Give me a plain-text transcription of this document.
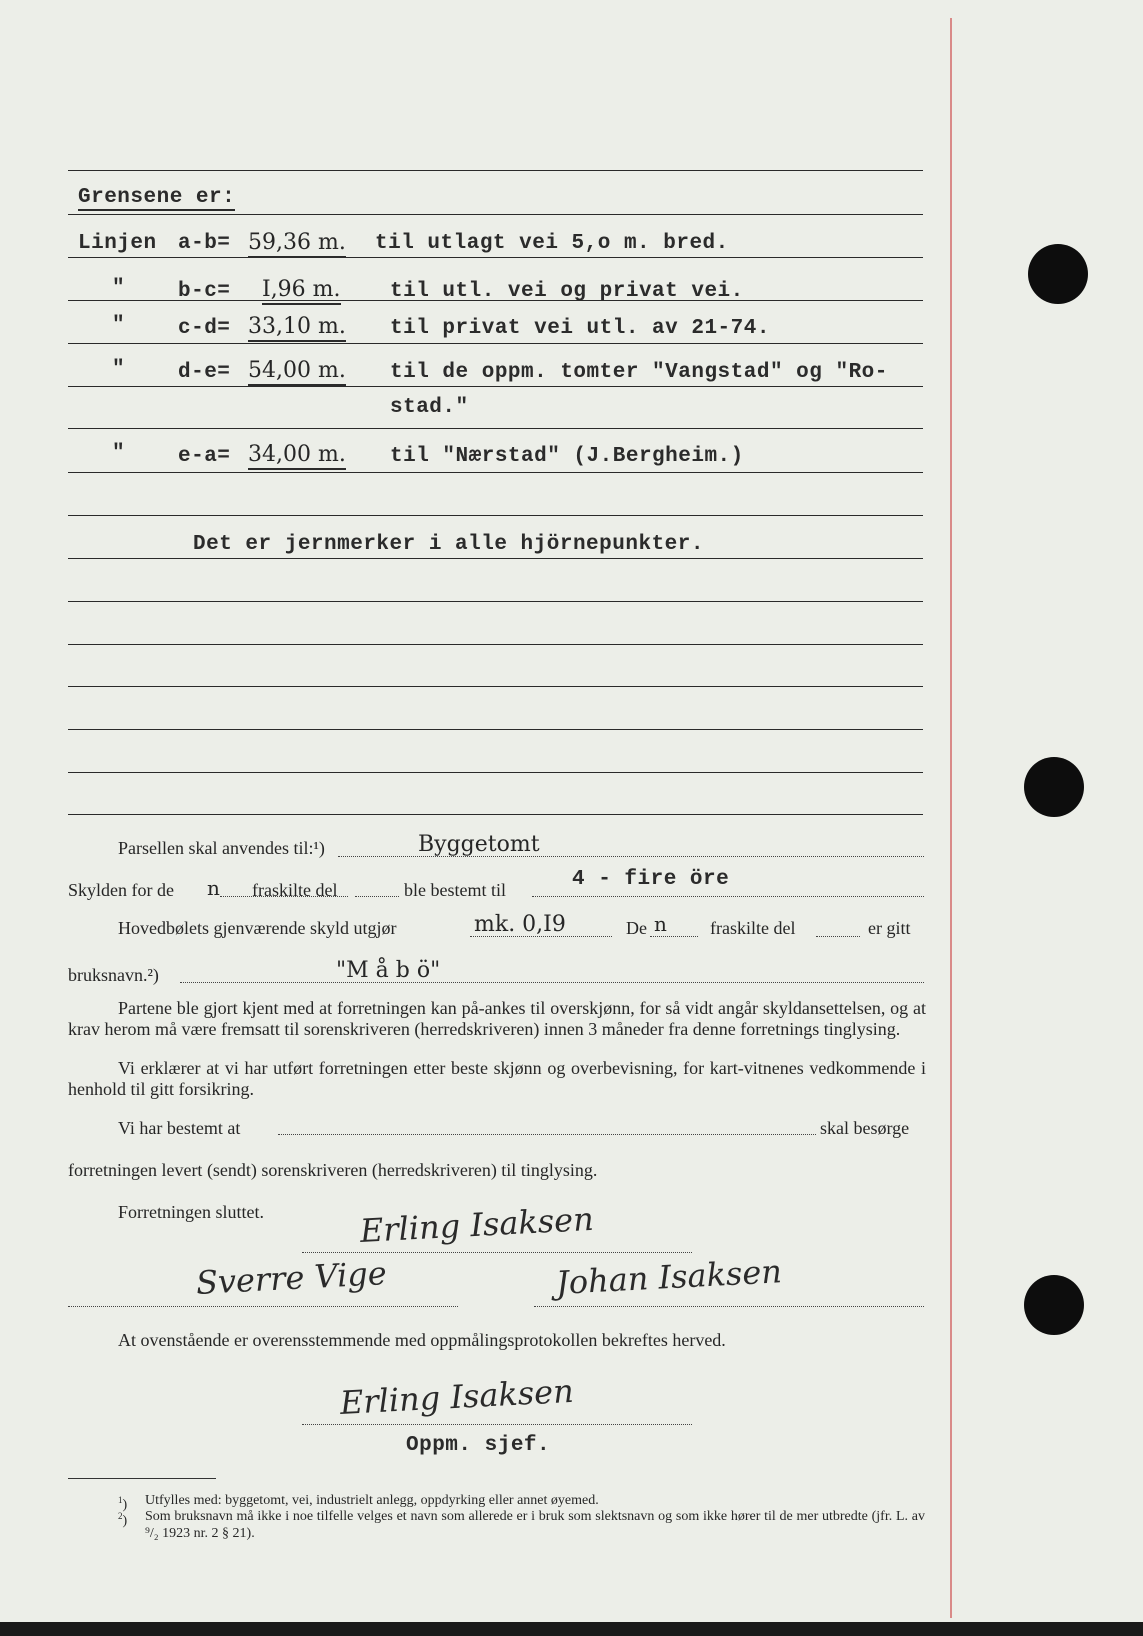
Grensene er:
Linjen a-b= 59,36 m. til utlagt vei 5,o m. bred.
"	b-c= I,96 m. til utl. vei og privat vei.
"	c-d= 33,10 m. til privat vei utl. av 21-74.
"	d-e= 54,00 m. til de oppm. tomter "Vangstad" og "Ro-
stad."
"	e-a= 34,00 m. til "Nærstad" (J.Bergheim.)
Det er jernmerker i alle hjörnepunkter.
Parsellen skal anvendes til:¹)	Byggetomt
Skylden for de n fraskilte del	ble bestemt til	4 - fire öre
Hovedbølets gjenværende skyld utgjør	mk. 0,I9	De n fraskilte del	er gitt
bruksnavn.²)	"M å b ö"
Partene ble gjort kjent med at forretningen kan på-ankes til overskjønn, for så vidt angår skyldansettelsen, og at krav herom må være fremsatt til sorenskriveren (herredskriveren) innen 3 måneder fra denne forretnings tinglysing.
Vi erklærer at vi har utført forretningen etter beste skjønn og overbevisning, for kart-vitnenes vedkommende i henhold til gitt forsikring.
Vi har bestemt at	skal besørge
forretningen levert (sendt) sorenskriveren (herredskriveren) til tinglysing.
Forretningen sluttet.	Erling Isaksen
Sverre Vige	Johan Isaksen
At ovenstående er overensstemmende med oppmålingsprotokollen bekreftes herved.
Erling Isaksen
Oppm. sjef.
$^1$)	Utfylles med: byggetomt, vei, industrielt anlegg, oppdyrking eller annet øyemed.
$^2$)	Som bruksnavn må ikke i noe tilfelle velges et navn som allerede er i bruk som slektsnavn og som ikke hører til de mer utbredte (jfr. L. av ⁹/₂ 1923 nr. 2 § 21).
